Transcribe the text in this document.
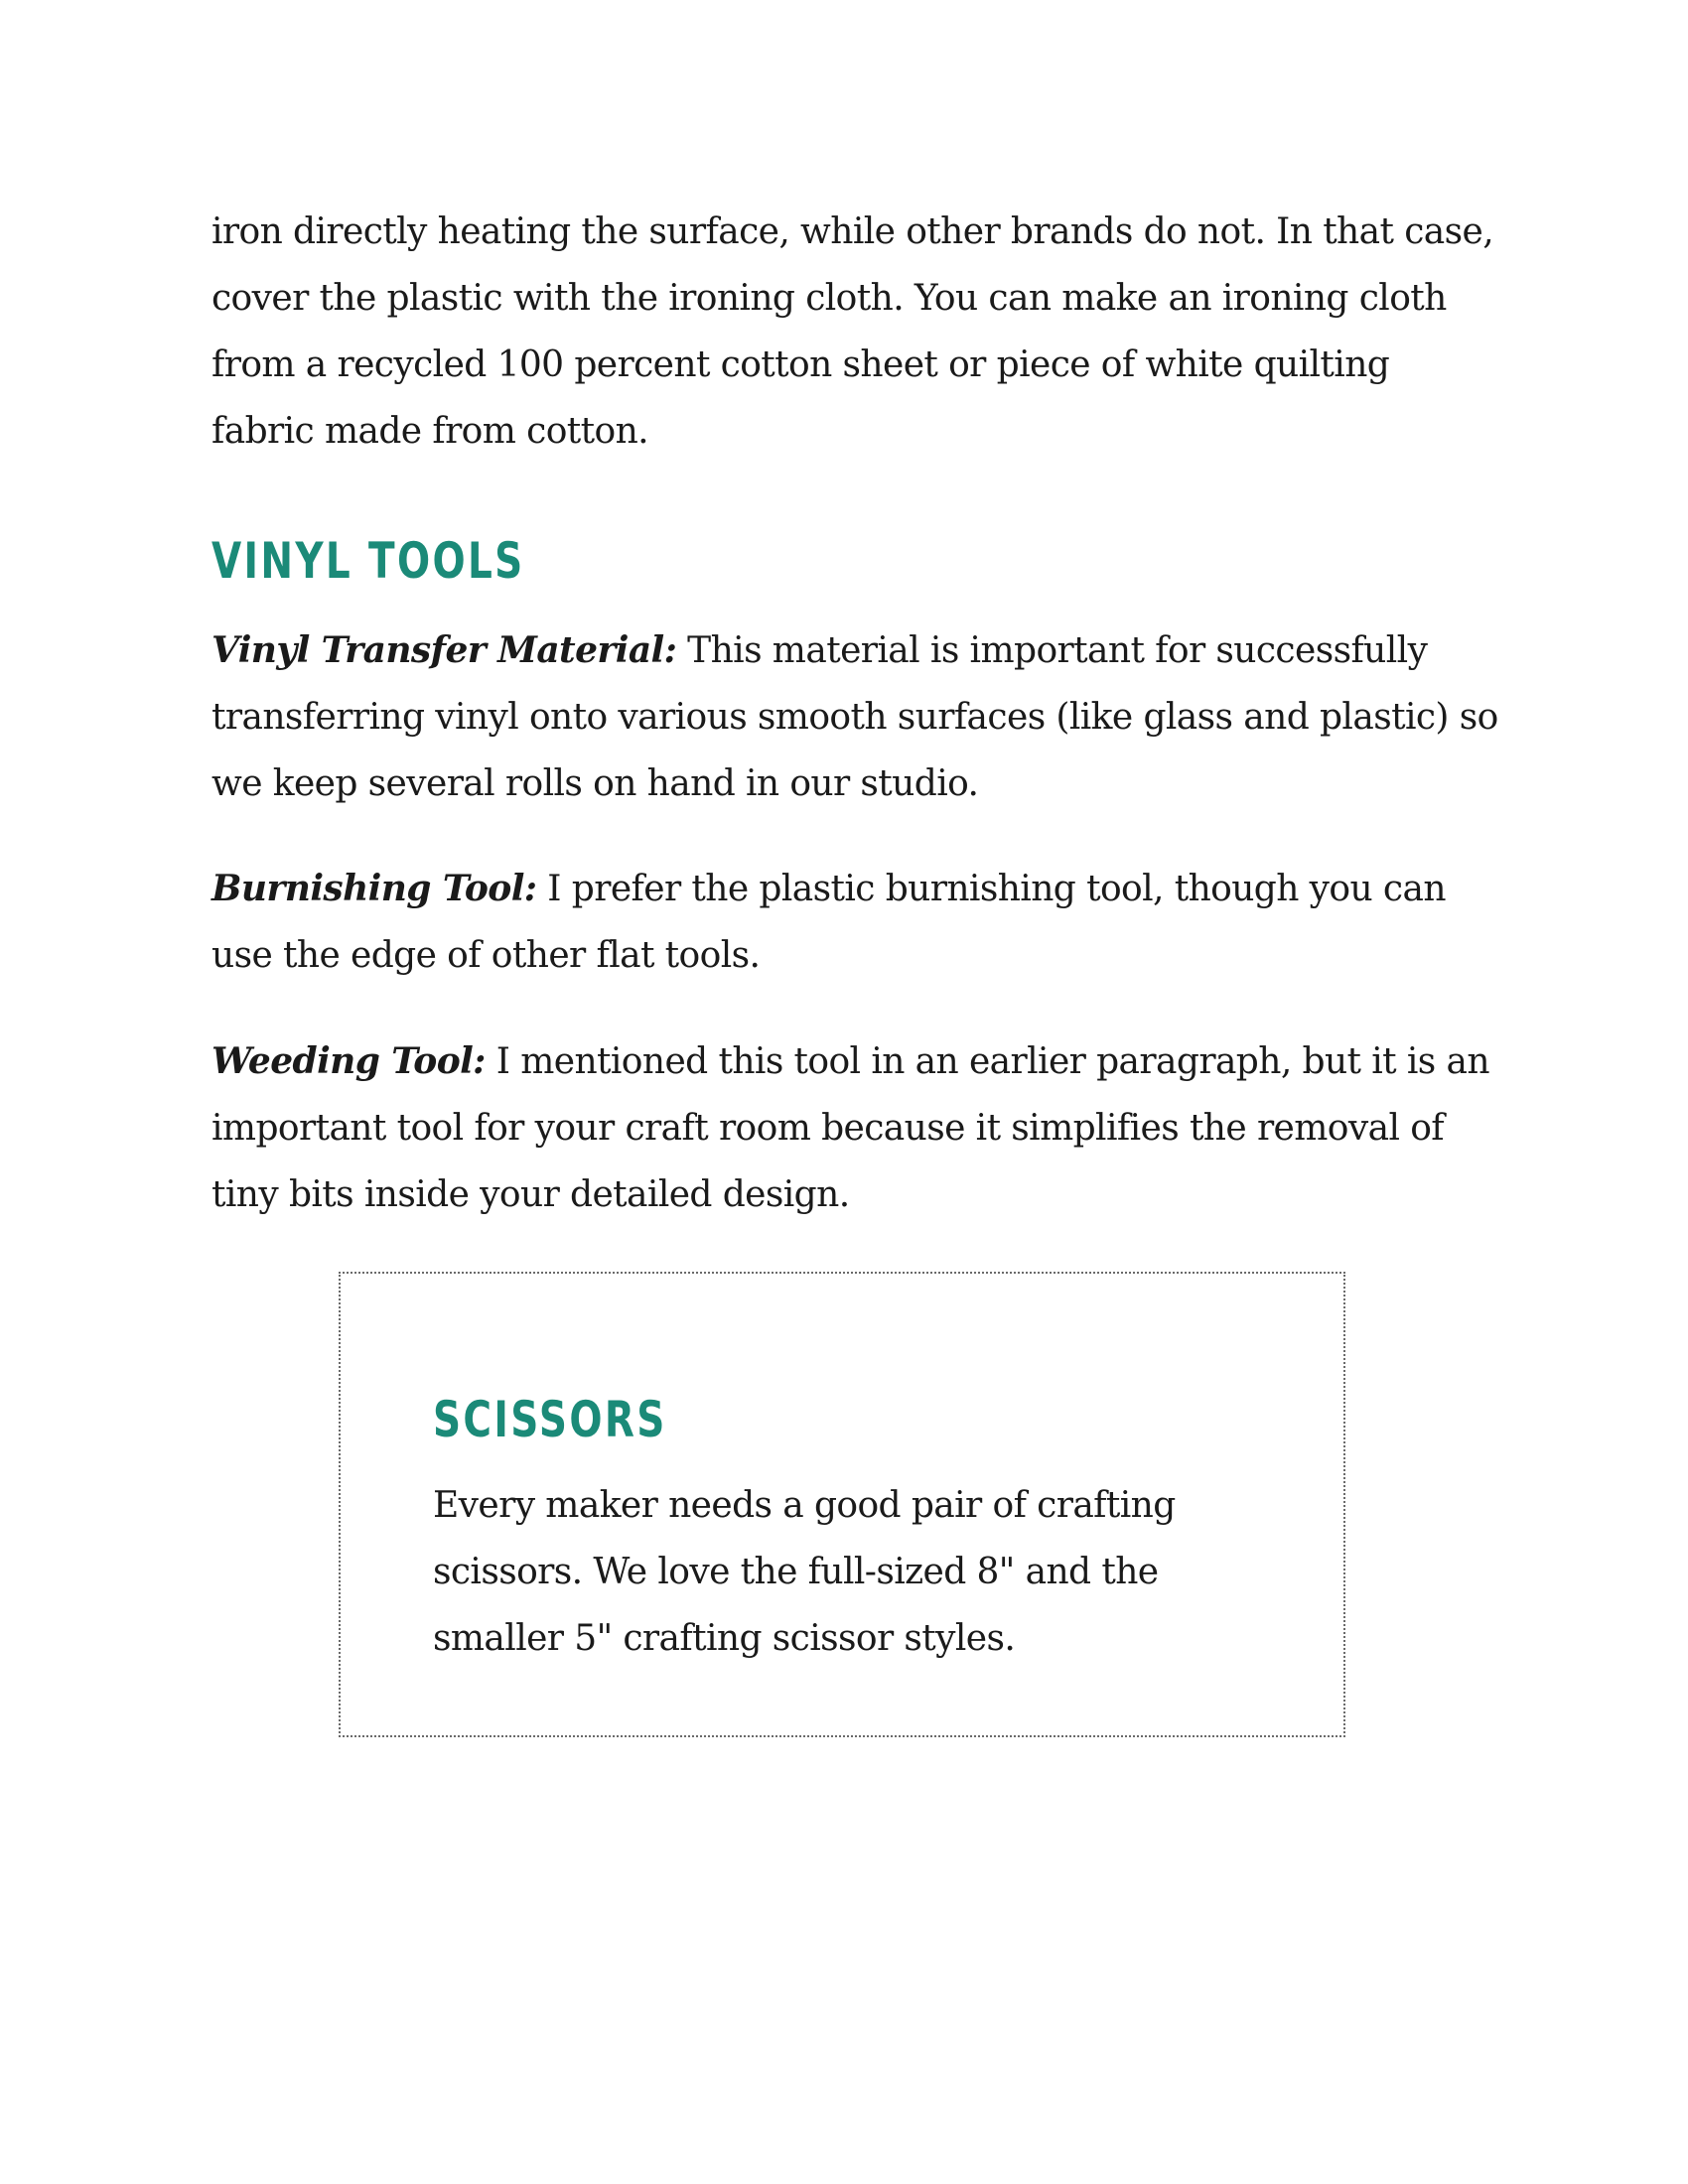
iron directly heating the surface, while other brands do not. In that case, cover the plastic with the ironing cloth. You can make an ironing cloth from a recycled 100 percent cotton sheet or piece of white quilting fabric made from cotton.

VINYL TOOLS

Vinyl Transfer Material: This material is important for successfully transferring vinyl onto various smooth surfaces (like glass and plastic) so we keep several rolls on hand in our studio.

Burnishing Tool: I prefer the plastic burnishing tool, though you can use the edge of other flat tools.

Weeding Tool: I mentioned this tool in an earlier paragraph, but it is an important tool for your craft room because it simplifies the removal of tiny bits inside your detailed design.

SCISSORS

Every maker needs a good pair of crafting scissors. We love the full-sized 8" and the smaller 5" crafting scissor styles.
